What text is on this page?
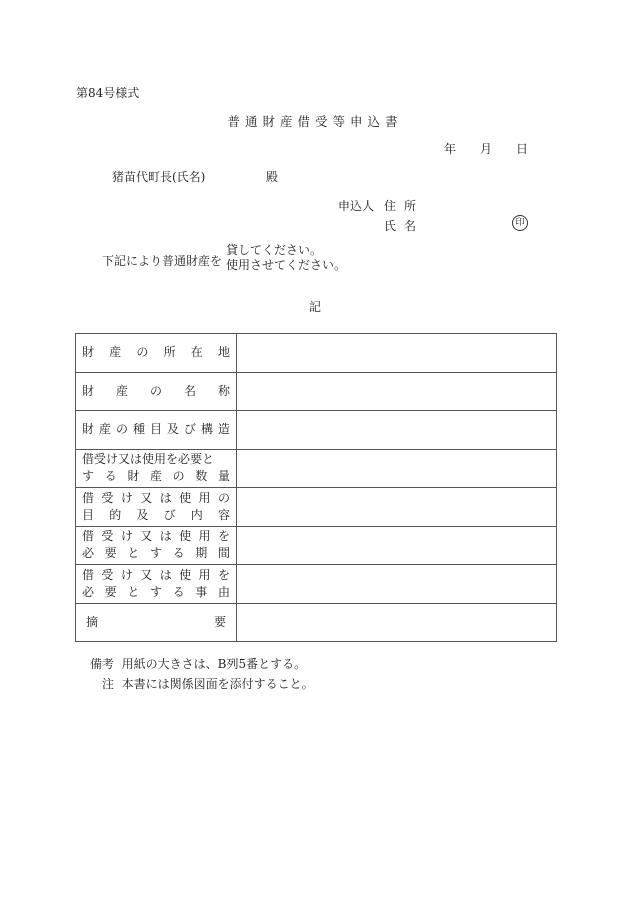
第84号様式
普通財産借受等申込書
年 月 日
猪苗代町長(氏名)	殿
申込人 住所
氏名	印
下記により普通財産を
貸してください。
使用させてください。
記
財 産 の 所 在 地

財 産 の 名 称	

財 産 の 種 目 及 び 構 造

借受け又は使用を必要と
す る 財 産 の 数 量

借 受 け 又 は 使 用 の
目 的 及 び 内 容

借 受 け 又 は 使 用 を
必 要 と す る 期 間

借 受 け 又 は 使 用 を
必 要 と す る 事 由

摘 要	

備考 用紙の大きさは、B列5番とする。
注 本書には関係図面を添付すること。
